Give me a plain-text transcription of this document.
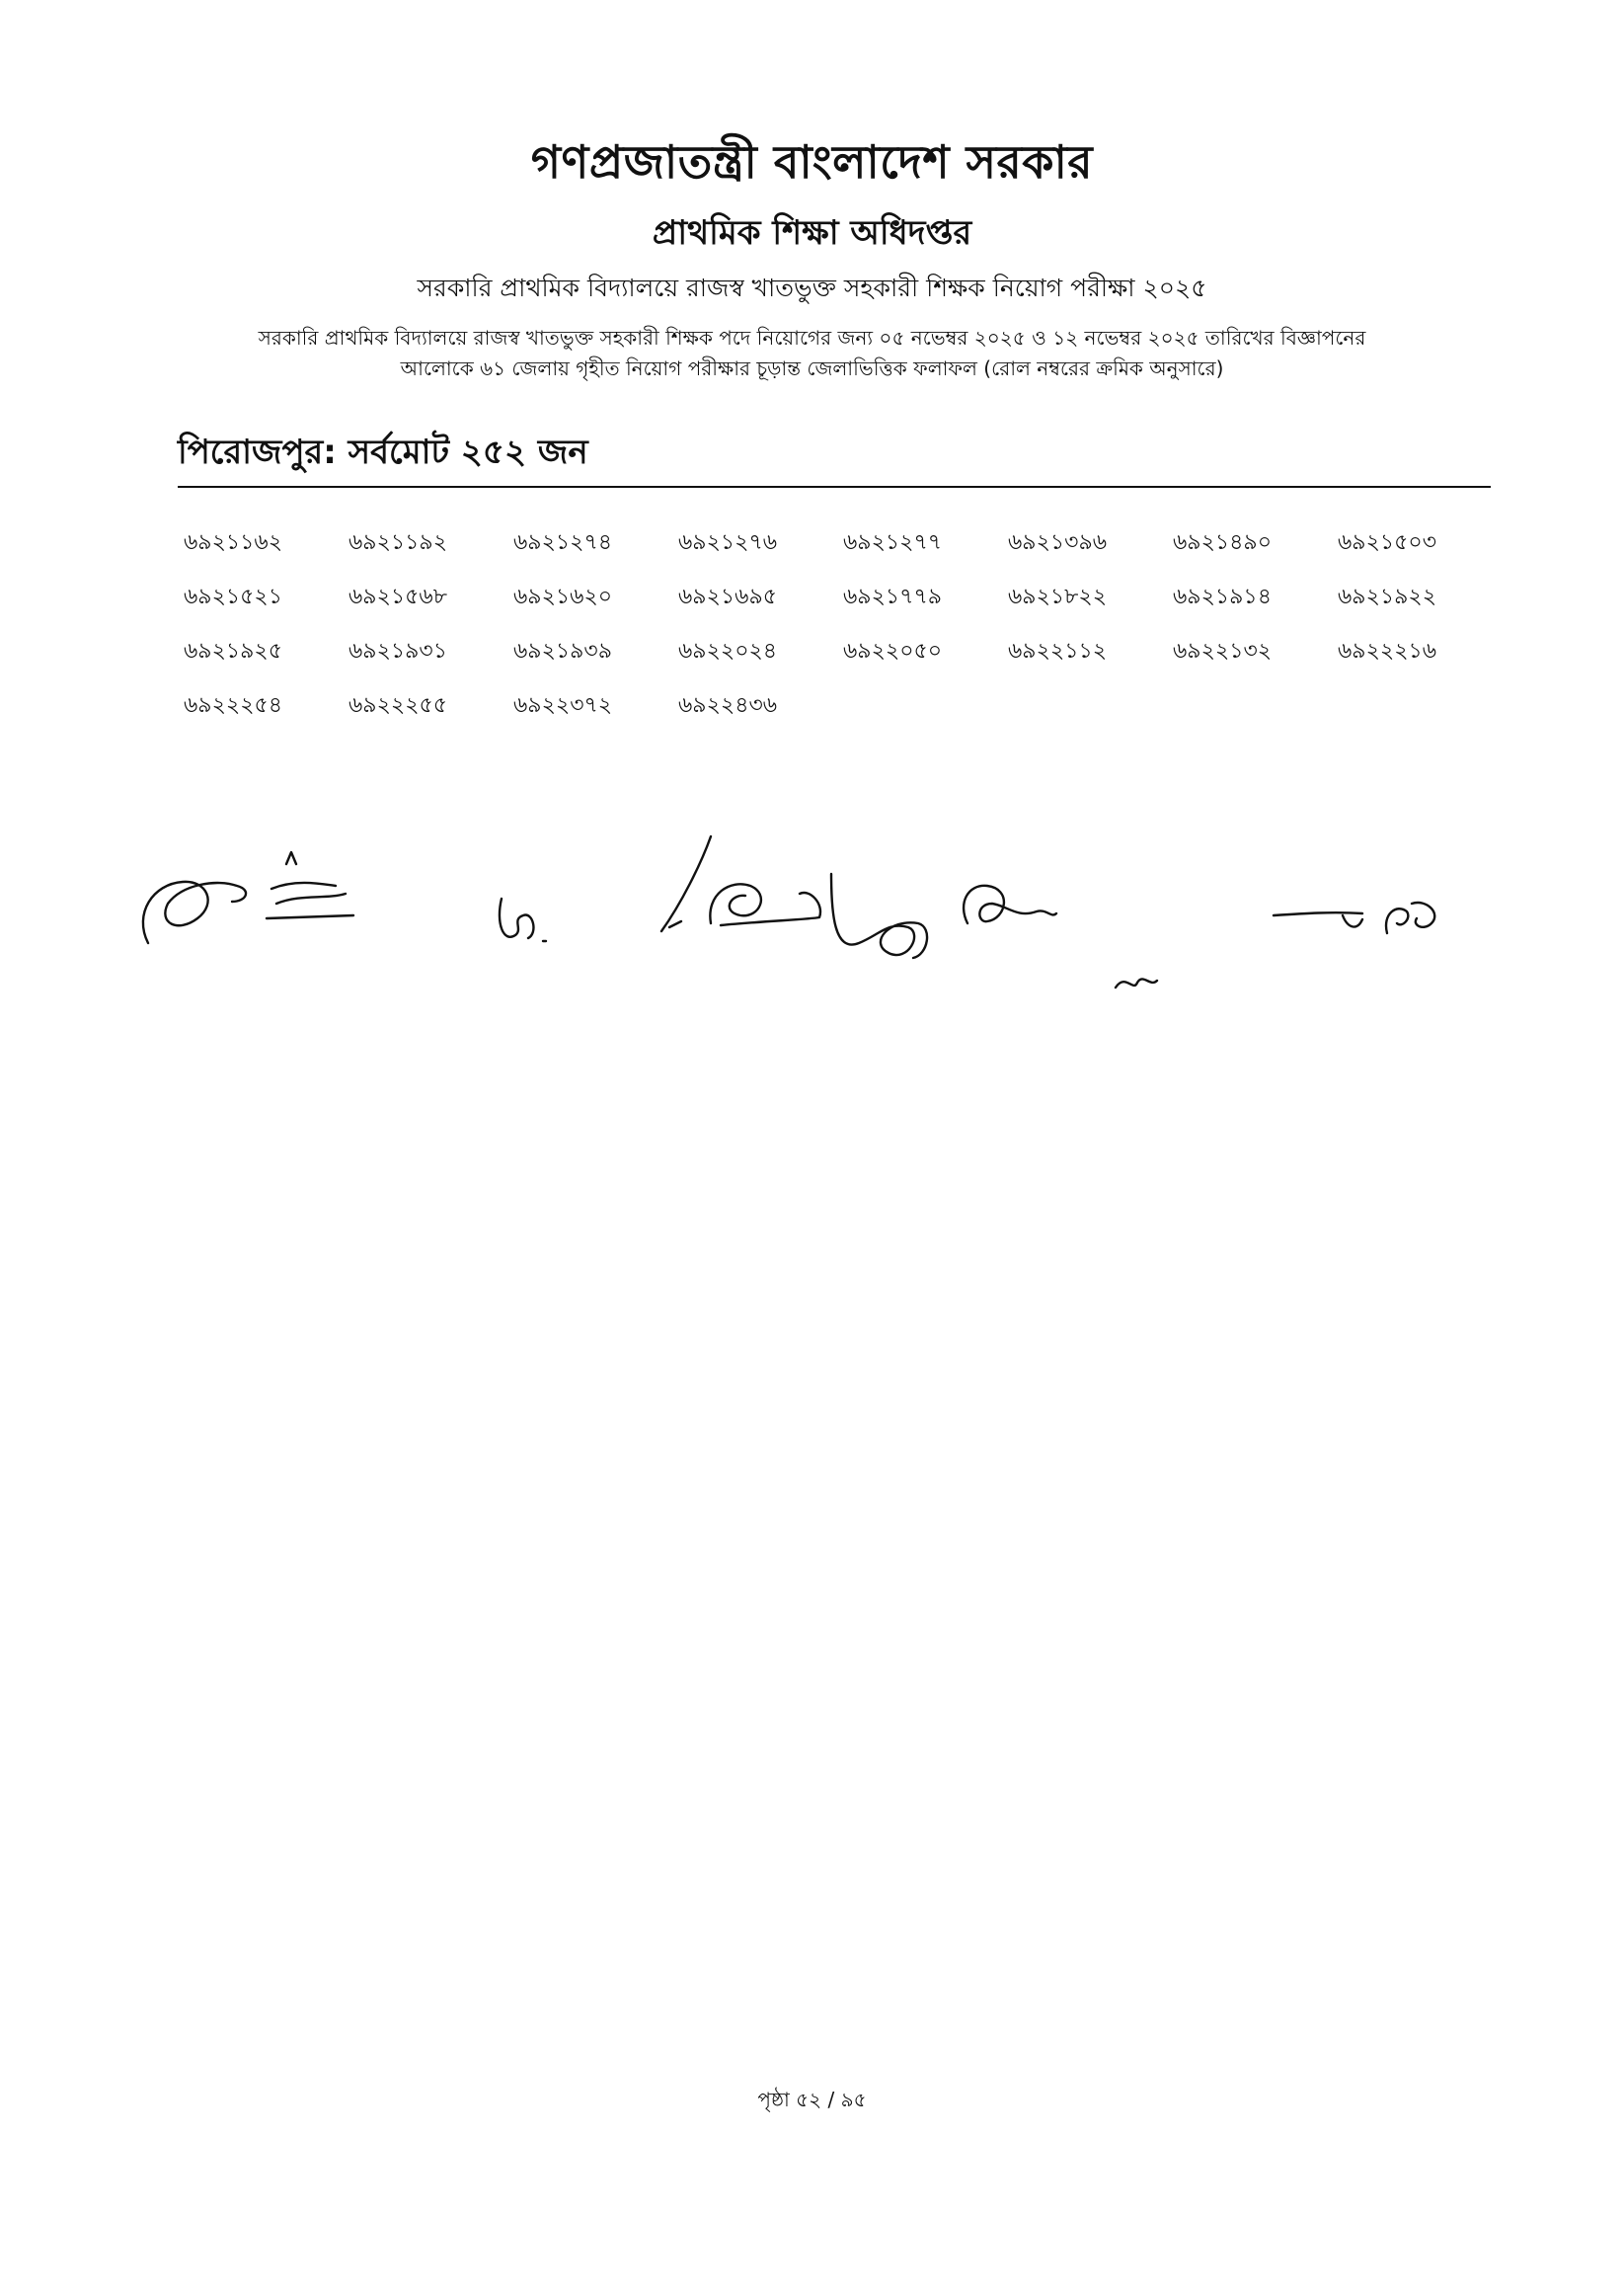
গণপ্রজাতন্ত্রী বাংলাদেশ সরকার
প্রাথমিক শিক্ষা অধিদপ্তর
সরকারি প্রাথমিক বিদ্যালয়ে রাজস্ব খাতভুক্ত সহকারী শিক্ষক নিয়োগ পরীক্ষা ২০২৫
সরকারি প্রাথমিক বিদ্যালয়ে রাজস্ব খাতভুক্ত সহকারী শিক্ষক পদে নিয়োগের জন্য ০৫ নভেম্বর ২০২৫ ও ১২ নভেম্বর ২০২৫ তারিখের বিজ্ঞাপনের
আলোকে ৬১ জেলায় গৃহীত নিয়োগ পরীক্ষার চূড়ান্ত জেলাভিত্তিক ফলাফল (রোল নম্বরের ক্রমিক অনুসারে)
পিরোজপুর: সর্বমোট ২৫২ জন
৬৯২১১৬২	৬৯২১১৯২	৬৯২১২৭৪	৬৯২১২৭৬	৬৯২১২৭৭	৬৯২১৩৯৬	৬৯২১৪৯০	৬৯২১৫০৩
৬৯২১৫২১	৬৯২১৫৬৮	৬৯২১৬২০	৬৯২১৬৯৫	৬৯২১৭৭৯	৬৯২১৮২২	৬৯২১৯১৪	৬৯২১৯২২
৬৯২১৯২৫	৬৯২১৯৩১	৬৯২১৯৩৯	৬৯২২০২৪	৬৯২২০৫০	৬৯২২১১২	৬৯২২১৩২	৬৯২২২১৬
৬৯২২২৫৪	৬৯২২২৫৫	৬৯২২৩৭২	৬৯২২৪৩৬
পৃষ্ঠা ৫২ / ৯৫
